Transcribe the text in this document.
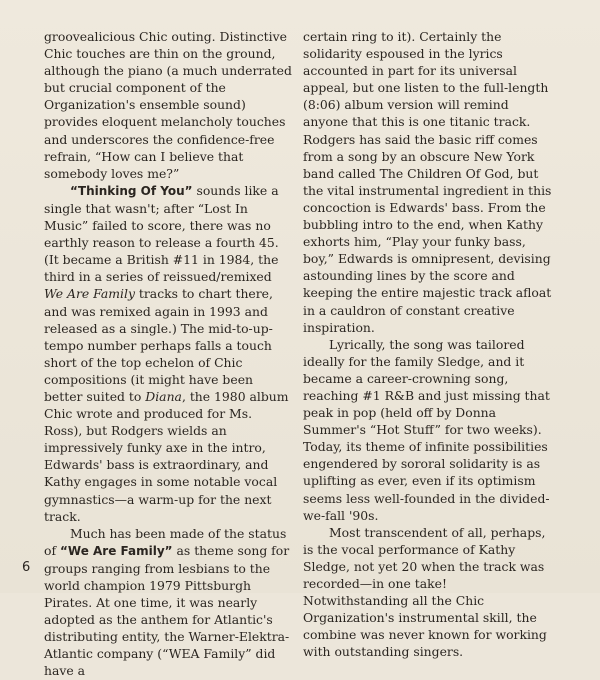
groovealicious Chic outing. Distinctive Chic touches are thin on the ground, although the piano (a much underrated but crucial component of the Organization's ensemble sound) provides eloquent melancholy touches and underscores the confidence-free refrain, “How can I believe that somebody loves me?”

“Thinking Of You” sounds like a single that wasn't; after “Lost In Music” failed to score, there was no earthly reason to release a fourth 45. (It became a British #11 in 1984, the third in a series of reissued/remixed We Are Family tracks to chart there, and was remixed again in 1993 and released as a single.) The mid-to-up-tempo number perhaps falls a touch short of the top echelon of Chic compositions (it might have been better suited to Diana, the 1980 album Chic wrote and produced for Ms. Ross), but Rodgers wields an impressively funky axe in the intro, Edwards' bass is extraordinary, and Kathy engages in some notable vocal gymnastics—a warm-up for the next track.

Much has been made of the status of “We Are Family” as theme song for groups ranging from lesbians to the world champion 1979 Pittsburgh Pirates. At one time, it was nearly adopted as the anthem for Atlantic's distributing entity, the Warner-Elektra-Atlantic company (“WEA Family” did have a

certain ring to it). Certainly the solidarity espoused in the lyrics accounted in part for its universal appeal, but one listen to the full-length (8:06) album version will remind anyone that this is one titanic track. Rodgers has said the basic riff comes from a song by an obscure New York band called The Children Of God, but the vital instrumental ingredient in this concoction is Edwards' bass. From the bubbling intro to the end, when Kathy exhorts him, “Play your funky bass, boy,” Edwards is omnipresent, devising astounding lines by the score and keeping the entire majestic track afloat in a cauldron of constant creative inspiration.

Lyrically, the song was tailored ideally for the family Sledge, and it became a career-crowning song, reaching #1 R&B and just missing that peak in pop (held off by Donna Summer's “Hot Stuff” for two weeks). Today, its theme of infinite possibilities engendered by sororal solidarity is as uplifting as ever, even if its optimism seems less well-founded in the divided-we-fall '90s.

Most transcendent of all, perhaps, is the vocal performance of Kathy Sledge, not yet 20 when the track was recorded—in one take! Notwithstanding all the Chic Organization's instrumental skill, the combine was never known for working with outstanding singers.

6
